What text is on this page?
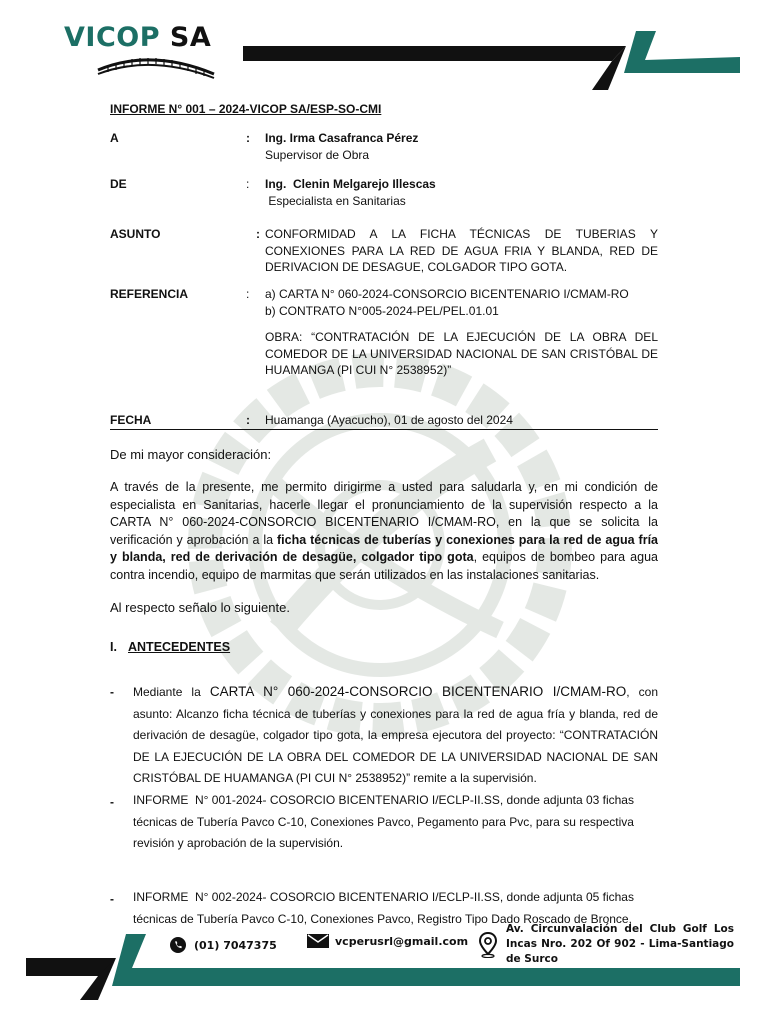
VICOP SA
INFORME N° 001 – 2024-VICOP SA/ESP-SO-CMI
A	: Ing. Irma Casafranca Pérez
Supervisor de Obra
DE	: Ing.  Clenin Melgarejo Illescas
Especialista en Sanitarias
ASUNTO	: CONFORMIDAD A LA FICHA TÉCNICAS DE TUBERIAS Y CONEXIONES PARA LA RED DE AGUA FRIA Y BLANDA, RED DE DERIVACION DE DESAGUE, COLGADOR TIPO GOTA.
REFERENCIA	: a) CARTA N° 060-2024-CONSORCIO BICENTENARIO I/CMAM-RO
b) CONTRATO N°005-2024-PEL/PEL.01.01
OBRA: “CONTRATACIÓN DE LA EJECUCIÓN DE LA OBRA DEL COMEDOR DE LA UNIVERSIDAD NACIONAL DE SAN CRISTÓBAL DE HUAMANGA (PI CUI N° 2538952)”
FECHA	: Huamanga (Ayacucho), 01 de agosto del 2024
De mi mayor consideración:
A través de la presente, me permito dirigirme a usted para saludarla y, en mi condición de especialista en Sanitarias, hacerle llegar el pronunciamiento de la supervisión respecto a la CARTA N° 060-2024-CONSORCIO BICENTENARIO I/CMAM-RO, en la que se solicita la verificación y aprobación a la ficha técnicas de tuberías y conexiones para la red de agua fría y blanda, red de derivación de desagüe, colgador tipo gota, equipos de bombeo para agua contra incendio, equipo de marmitas que serán utilizados en las instalaciones sanitarias.
Al respecto señalo lo siguiente.
I. ANTECEDENTES
- Mediante la CARTA N° 060-2024-CONSORCIO BICENTENARIO I/CMAM-RO, con asunto: Alcanzo ficha técnica de tuberías y conexiones para la red de agua fría y blanda, red de derivación de desagüe, colgador tipo gota, la empresa ejecutora del proyecto: “CONTRATACIÓN DE LA EJECUCIÓN DE LA OBRA DEL COMEDOR DE LA UNIVERSIDAD NACIONAL DE SAN CRISTÓBAL DE HUAMANGA (PI CUI N° 2538952)” remite a la supervisión.
- INFORME  N° 001-2024- COSORCIO BICENTENARIO I/ECLP-II.SS, donde adjunta 03 fichas técnicas de Tubería Pavco C-10, Conexiones Pavco, Pegamento para Pvc, para su respectiva revisión y aprobación de la supervisión.
- INFORME  N° 002-2024- COSORCIO BICENTENARIO I/ECLP-II.SS, donde adjunta 05 fichas técnicas de Tubería Pavco C-10, Conexiones Pavco, Registro Tipo Dado Roscado de Bronce,
(01) 7047375	vcperusrl@gmail.com
Av. Circunvalación del Club Golf Los Incas Nro. 202 Of 902 - Lima-Santiago de Surco
